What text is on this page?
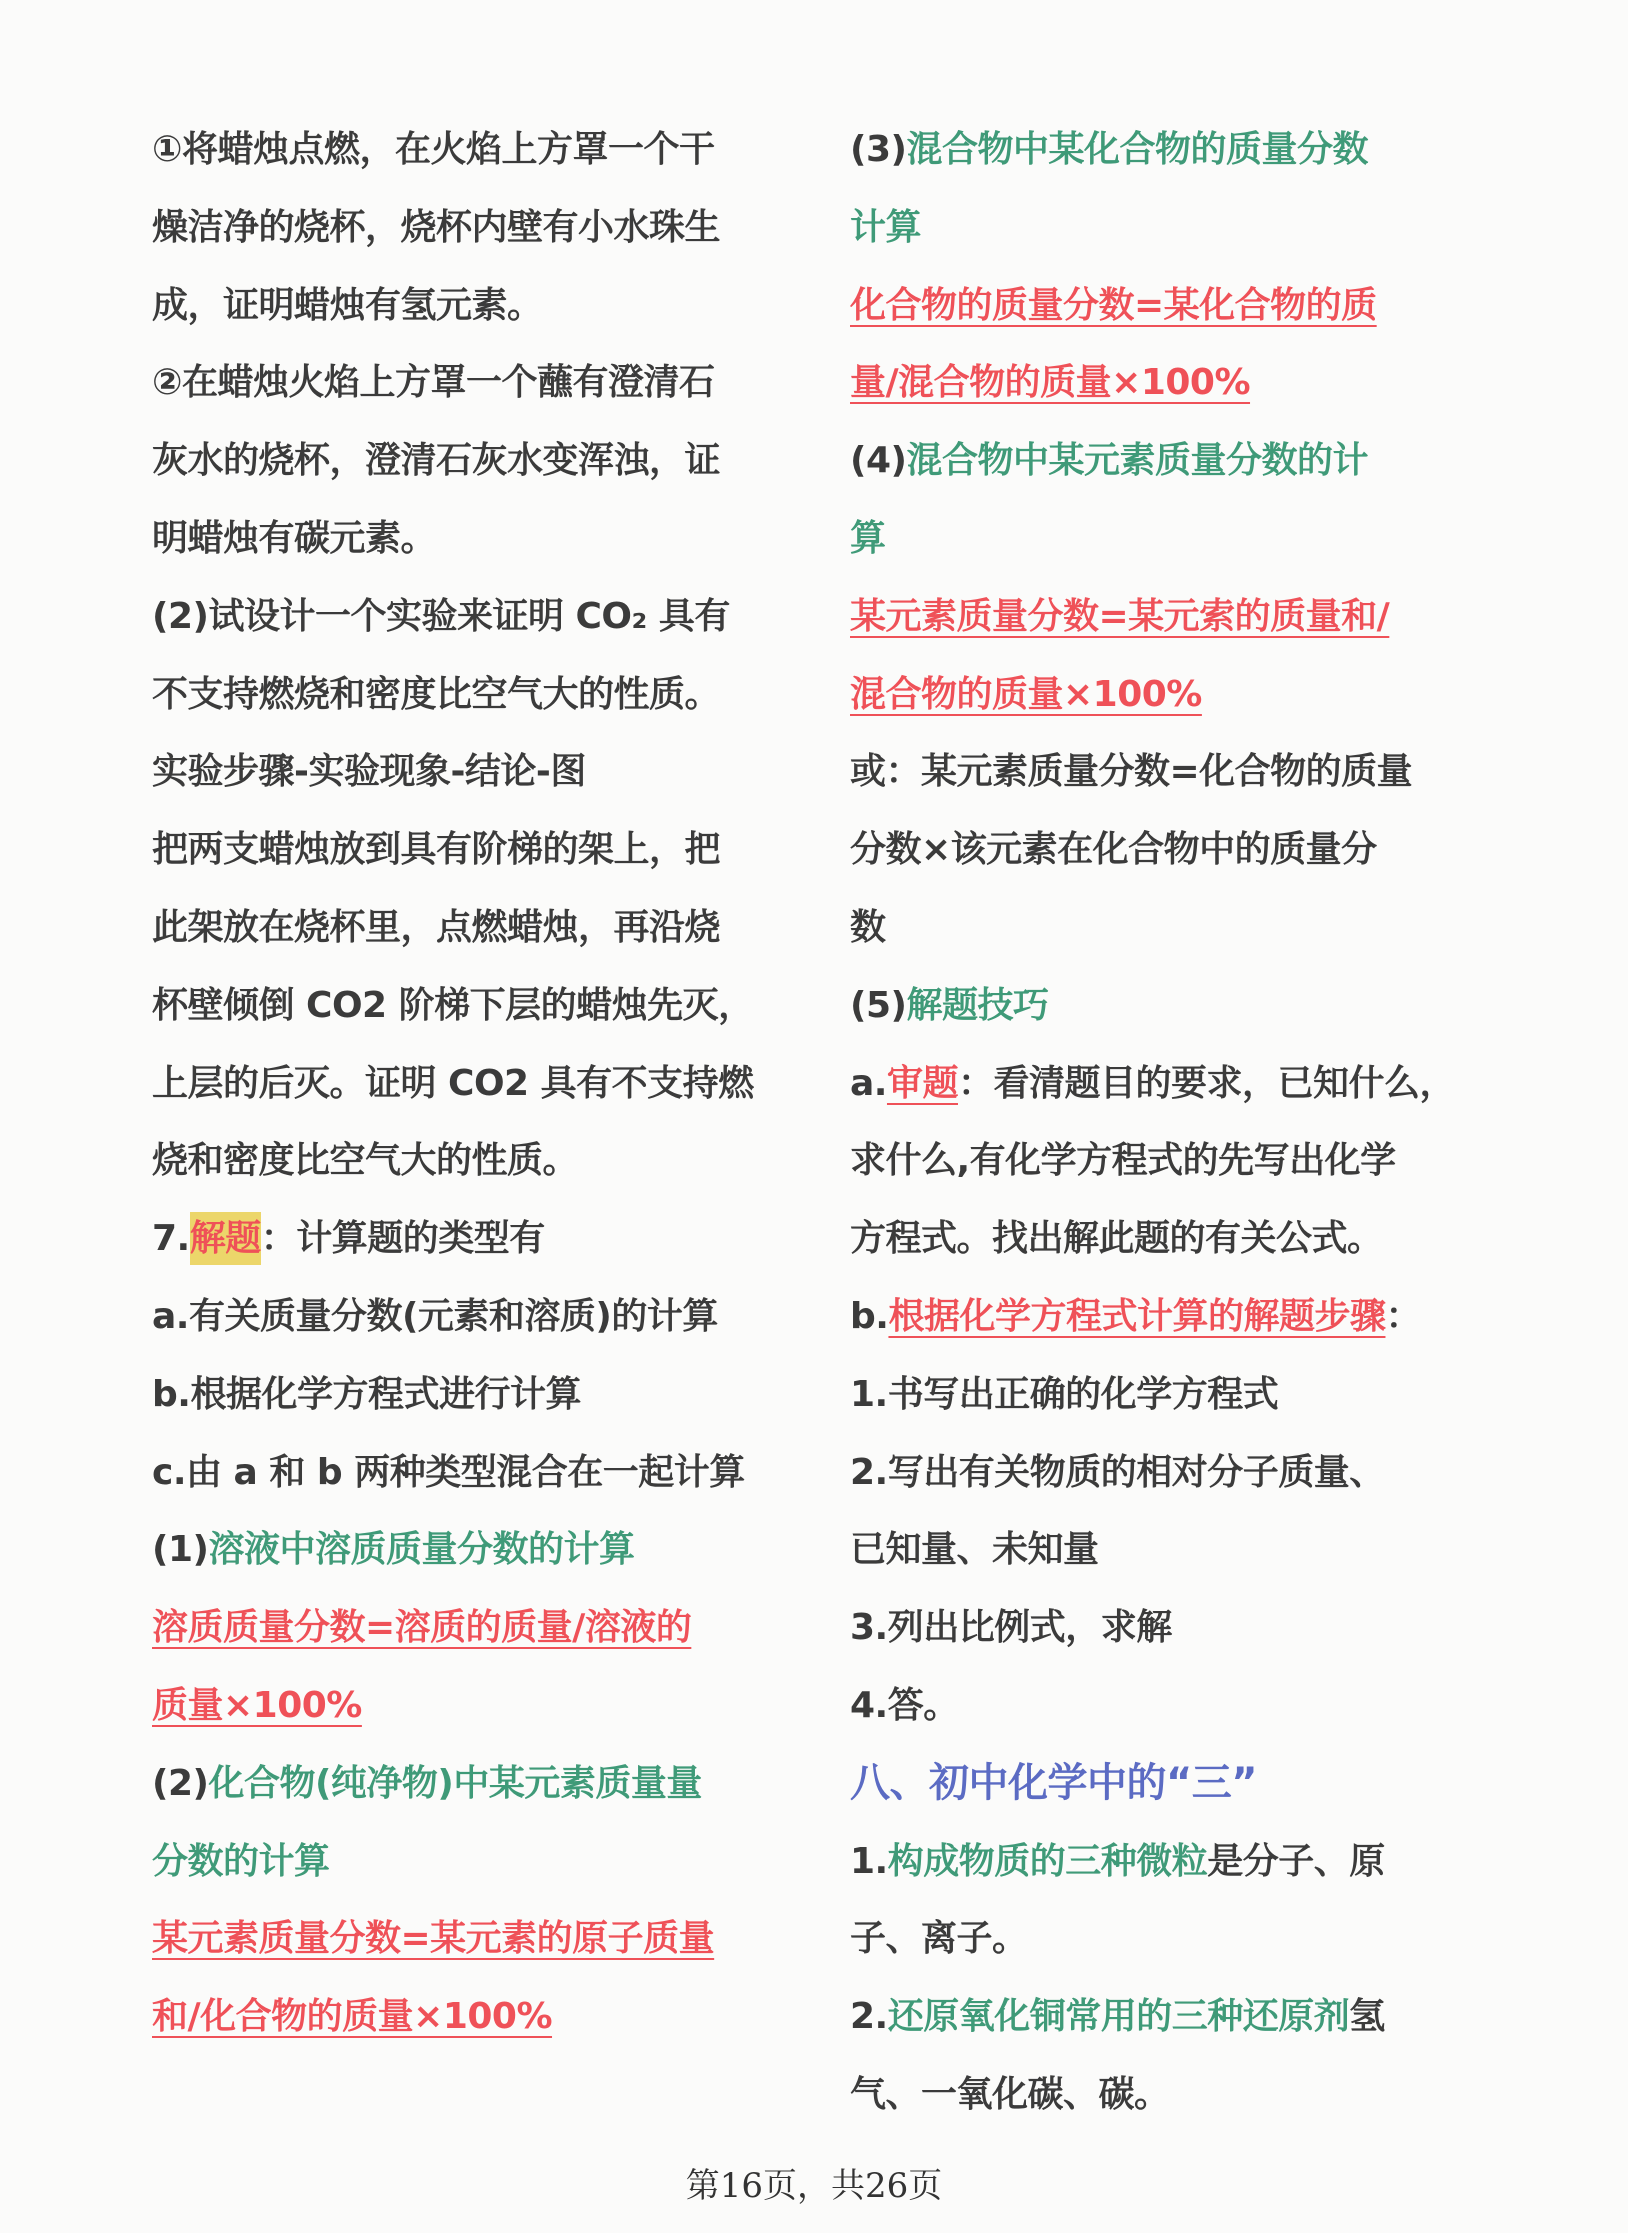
①将蜡烛点燃，在火焰上方罩一个干
燥洁净的烧杯，烧杯内壁有小水珠生
成，证明蜡烛有氢元素。
②在蜡烛火焰上方罩一个蘸有澄清石
灰水的烧杯，澄清石灰水变浑浊，证
明蜡烛有碳元素。
(2)试设计一个实验来证明 CO₂ 具有
不支持燃烧和密度比空气大的性质。
实验步骤-实验现象-结论-图
把两支蜡烛放到具有阶梯的架上，把
此架放在烧杯里，点燃蜡烛，再沿烧
杯壁倾倒 CO2 阶梯下层的蜡烛先灭，
上层的后灭。证明 CO2 具有不支持燃
烧和密度比空气大的性质。
7.解题：计算题的类型有
a.有关质量分数(元素和溶质)的计算
b.根据化学方程式进行计算
c.由 a 和 b 两种类型混合在一起计算
(1)溶液中溶质质量分数的计算
溶质质量分数=溶质的质量/溶液的
质量×100%
(2)化合物(纯净物)中某元素质量量
分数的计算
某元素质量分数=某元素的原子质量
和/化合物的质量×100%
(3)混合物中某化合物的质量分数
计算
化合物的质量分数=某化合物的质
量/混合物的质量×100%
(4)混合物中某元素质量分数的计
算
某元素质量分数=某元索的质量和/
混合物的质量×100%
或：某元素质量分数=化合物的质量
分数×该元素在化合物中的质量分
数
(5)解题技巧
a.审题：看清题目的要求，已知什么，
求什么,有化学方程式的先写出化学
方程式。找出解此题的有关公式。
b.根据化学方程式计算的解题步骤：
1.书写出正确的化学方程式
2.写出有关物质的相对分子质量、
已知量、未知量
3.列出比例式，求解
4.答。
八、初中化学中的“三”
1.构成物质的三种微粒是分子、原
子、离子。
2.还原氧化铜常用的三种还原剂氢
气、一氧化碳、碳。
第16页，共26页
